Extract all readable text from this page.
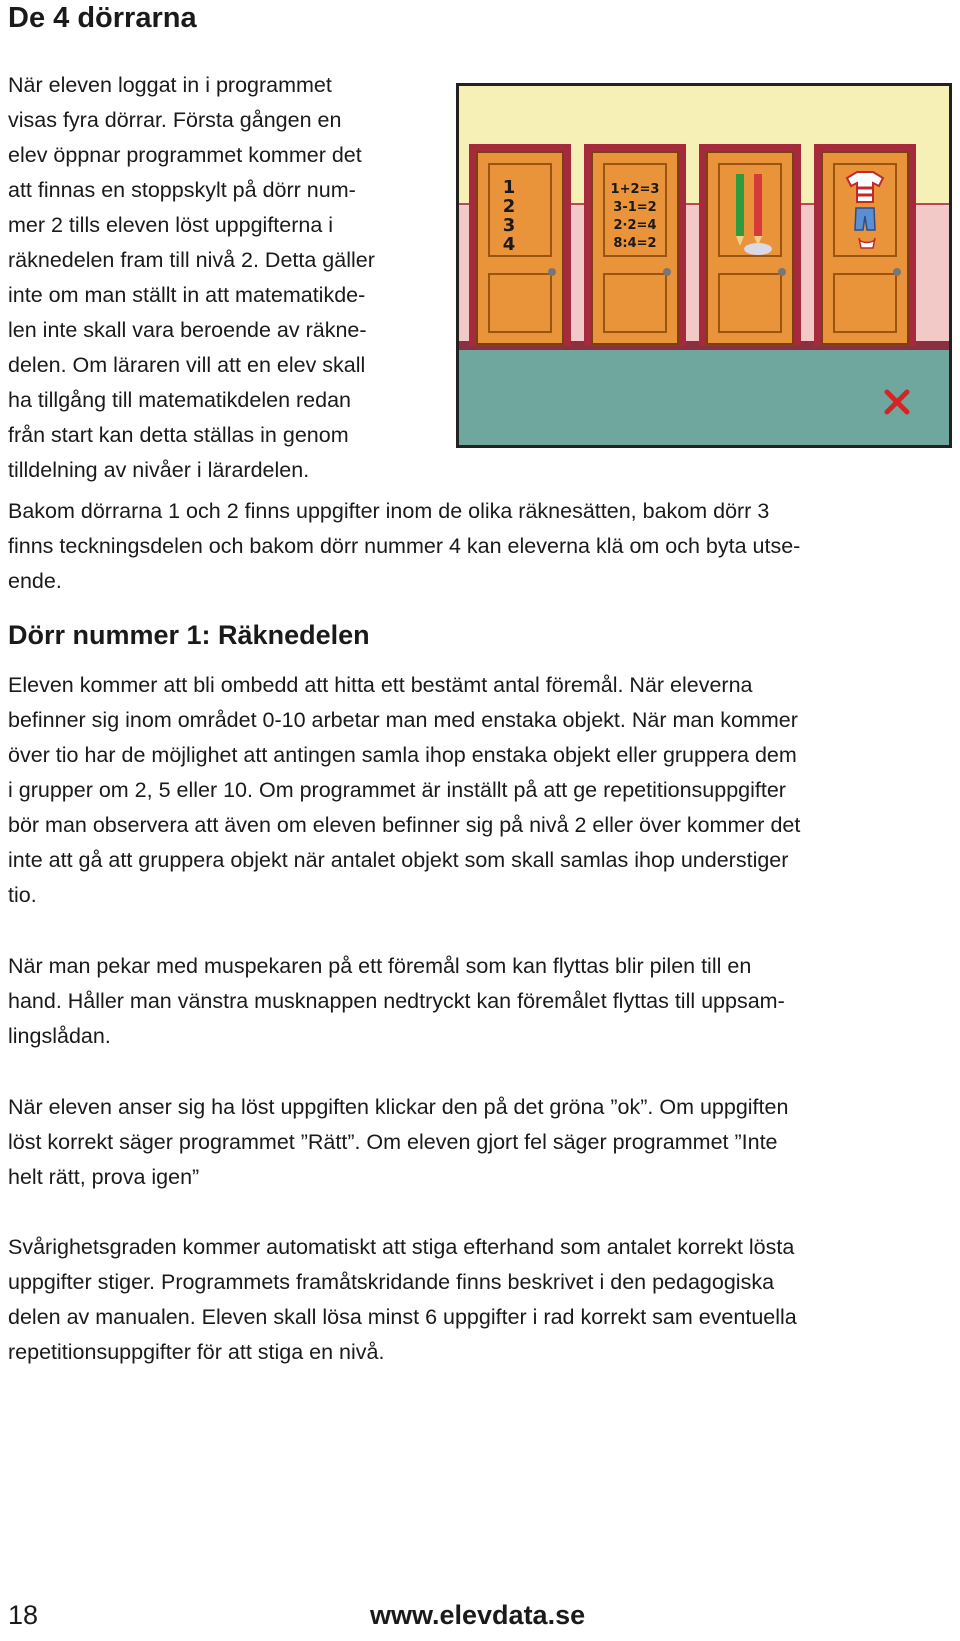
De 4 dörrarna
När eleven loggat in i programmet
visas fyra dörrar. Första gången en
elev öppnar programmet kommer det
att finnas en stoppskylt på dörr num-
mer 2 tills eleven löst uppgifterna i
räknedelen fram till nivå 2. Detta gäller
inte om man ställt in att matematikde-
len inte skall vara beroende av räkne-
delen. Om läraren vill att en elev skall
ha tillgång till matematikdelen redan
från start kan detta ställas in genom
tilldelning av nivåer i lärardelen.
1
2
3
4
1+2=3
3-1=2
2·2=4
8:4=2
Bakom dörrarna 1 och 2 finns uppgifter inom de olika räknesätten, bakom dörr 3
finns teckningsdelen och bakom dörr nummer 4 kan eleverna klä om och byta utse-
ende.
Dörr nummer 1: Räknedelen
Eleven kommer att bli ombedd att hitta ett bestämt antal föremål. När eleverna
befinner sig inom området 0-10 arbetar man med enstaka objekt. När man kommer
över tio har de möjlighet att antingen samla ihop enstaka objekt eller gruppera dem
i grupper om 2, 5 eller 10. Om programmet är inställt på att ge repetitionsuppgifter
bör man observera att även om eleven befinner sig på nivå 2 eller över kommer det
inte att gå att gruppera objekt när antalet objekt som skall samlas ihop understiger
tio.
När man pekar med muspekaren på ett föremål som kan flyttas blir pilen till en
hand. Håller man vänstra musknappen nedtryckt kan föremålet flyttas till uppsam-
lingslådan.
När eleven anser sig ha löst uppgiften klickar den på det gröna ”ok”. Om uppgiften
löst korrekt säger programmet ”Rätt”. Om eleven gjort fel säger programmet ”Inte
helt rätt, prova igen”
Svårighetsgraden kommer automatiskt att stiga efterhand som antalet korrekt lösta
uppgifter stiger. Programmets framåtskridande finns beskrivet i den pedagogiska
delen av manualen. Eleven skall lösa minst 6 uppgifter i rad korrekt sam eventuella
repetitionsuppgifter för att stiga en nivå.

18	www.elevdata.se
